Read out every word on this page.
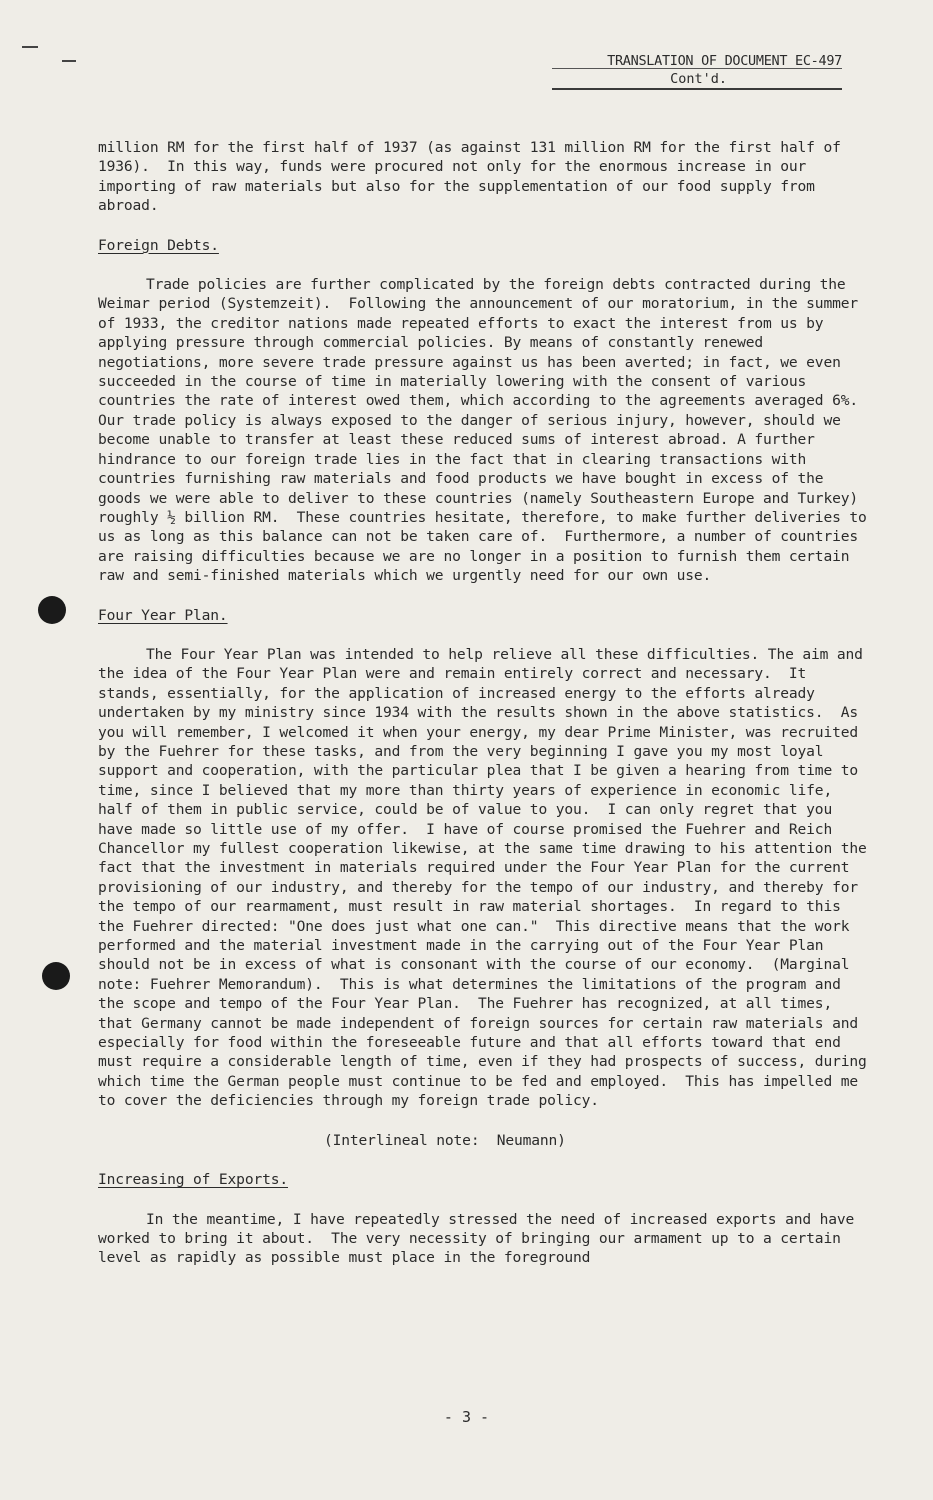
TRANSLATION OF DOCUMENT EC-497
Cont'd.

million RM for the first half of 1937 (as against 131 million RM for the first half of 1936).  In this way, funds were procured not only for the enormous increase in our importing of raw materials but also for the supplementation of our food supply from abroad.

Foreign Debts.

Trade policies are further complicated by the foreign debts contracted during the Weimar period (Systemzeit).  Following the announcement of our moratorium, in the summer of 1933, the creditor nations made repeated efforts to exact the interest from us by applying pressure through commercial policies. By means of constantly renewed negotiations, more severe trade pressure against us has been averted; in fact, we even succeeded in the course of time in materially lowering with the consent of various countries the rate of interest owed them, which according to the agreements averaged 6%.  Our trade policy is always exposed to the danger of serious injury, however, should we become unable to transfer at least these reduced sums of interest abroad. A further hindrance to our foreign trade lies in the fact that in clearing transactions with countries furnishing raw materials and food products we have bought in excess of the goods we were able to deliver to these countries (namely Southeastern Europe and Turkey) roughly ½ billion RM.  These countries hesitate, therefore, to make further deliveries to us as long as this balance can not be taken care of.  Furthermore, a number of countries are raising difficulties because we are no longer in a position to furnish them certain raw and semi-finished materials which we urgently need for our own use.

Four Year Plan.

The Four Year Plan was intended to help relieve all these difficulties. The aim and the idea of the Four Year Plan were and remain entirely correct and necessary.  It stands, essentially, for the application of increased energy to the efforts already undertaken by my ministry since 1934 with the results shown in the above statistics.  As you will remember, I welcomed it when your energy, my dear Prime Minister, was recruited by the Fuehrer for these tasks, and from the very beginning I gave you my most loyal support and cooperation, with the particular plea that I be given a hearing from time to time, since I believed that my more than thirty years of experience in economic life, half of them in public service, could be of value to you.  I can only regret that you have made so little use of my offer.  I have of course promised the Fuehrer and Reich Chancellor my fullest cooperation likewise, at the same time drawing to his attention the fact that the investment in materials required under the Four Year Plan for the current provisioning of our industry, and thereby for the tempo of our industry, and thereby for the tempo of our rearmament, must result in raw material shortages.  In regard to this the Fuehrer directed: "One does just what one can."  This directive means that the work performed and the material investment made in the carrying out of the Four Year Plan should not be in excess of what is consonant with the course of our economy.  (Marginal note: Fuehrer Memorandum).  This is what determines the limitations of the program and the scope and tempo of the Four Year Plan.  The Fuehrer has recognized, at all times, that Germany cannot be made independent of foreign sources for certain raw materials and especially for food within the foreseeable future and that all efforts toward that end must require a considerable length of time, even if they had prospects of success, during which time the German people must continue to be fed and employed.  This has impelled me to cover the deficiencies through my foreign trade policy.

(Interlineal note:  Neumann)

Increasing of Exports.

In the meantime, I have repeatedly stressed the need of increased exports and have worked to bring it about.  The very necessity of bringing our armament up to a certain level as rapidly as possible must place in the foreground

- 3 -
